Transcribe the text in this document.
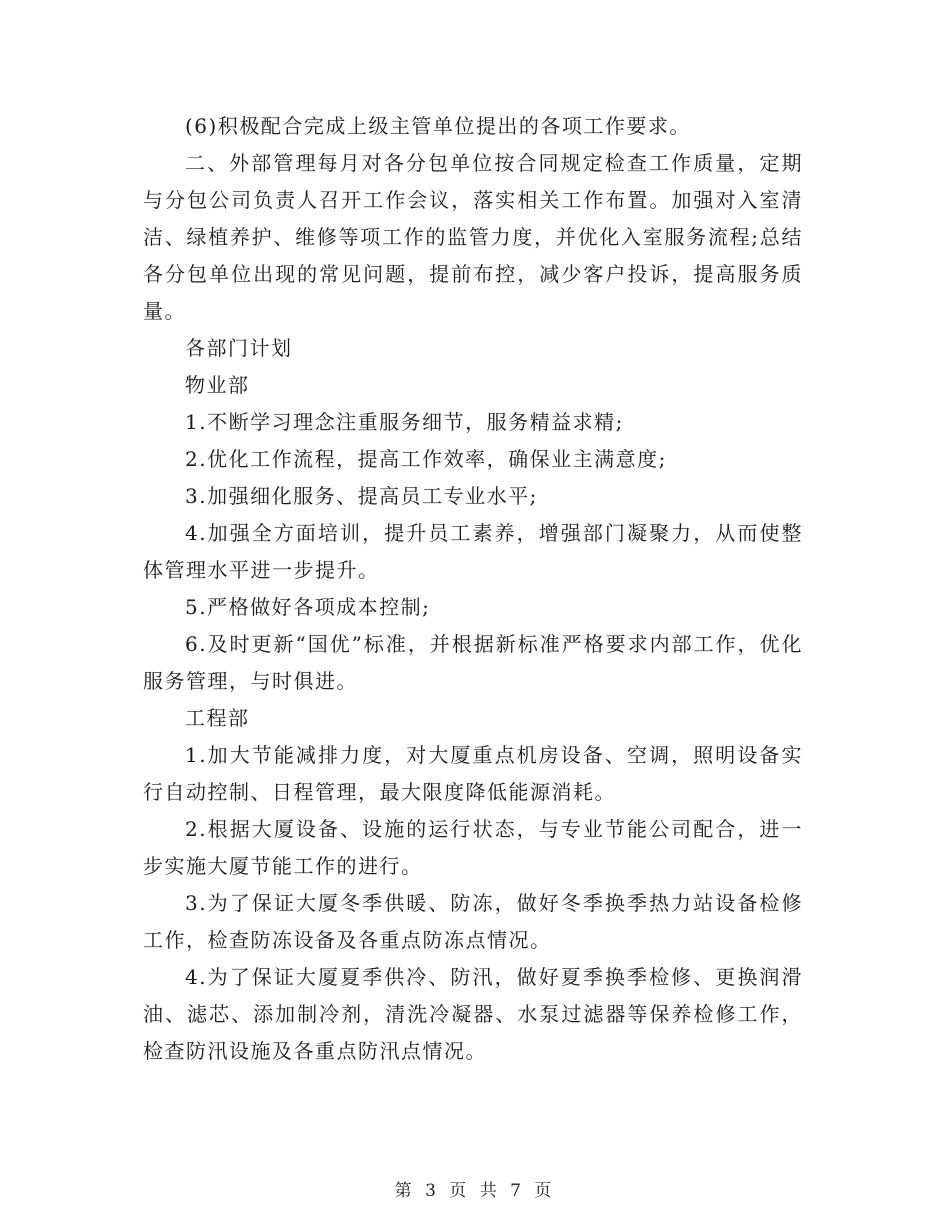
(6)积极配合完成上级主管单位提出的各项工作要求。

二、外部管理每月对各分包单位按合同规定检查工作质量，定期与分包公司负责人召开工作会议，落实相关工作布置。加强对入室清洁、绿植养护、维修等项工作的监管力度，并优化入室服务流程;总结各分包单位出现的常见问题，提前布控，减少客户投诉，提高服务质量。

各部门计划

物业部

1.不断学习理念注重服务细节，服务精益求精;

2.优化工作流程，提高工作效率，确保业主满意度;

3.加强细化服务、提高员工专业水平;

4.加强全方面培训，提升员工素养，增强部门凝聚力，从而使整体管理水平进一步提升。

5.严格做好各项成本控制;

6.及时更新“国优”标准，并根据新标准严格要求内部工作，优化服务管理，与时俱进。

工程部

1.加大节能减排力度，对大厦重点机房设备、空调，照明设备实行自动控制、日程管理，最大限度降低能源消耗。

2.根据大厦设备、设施的运行状态，与专业节能公司配合，进一步实施大厦节能工作的进行。

3.为了保证大厦冬季供暖、防冻，做好冬季换季热力站设备检修工作，检查防冻设备及各重点防冻点情况。

4.为了保证大厦夏季供冷、防汛，做好夏季换季检修、更换润滑油、滤芯、添加制冷剂，清洗冷凝器、水泵过滤器等保养检修工作，检查防汛设施及各重点防汛点情况。

第 3 页 共 7 页
